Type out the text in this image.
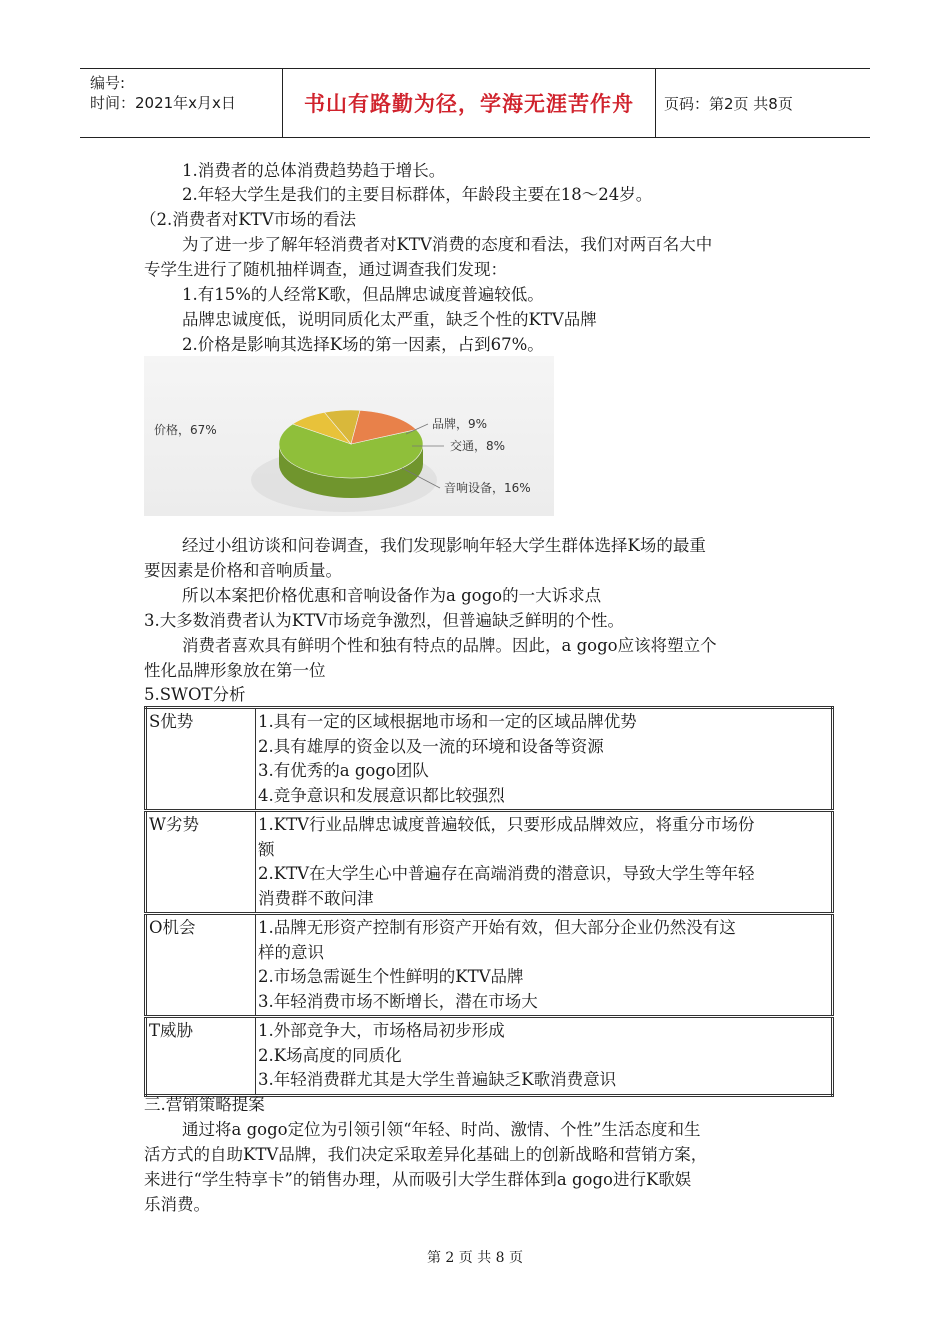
编号:
时间：2021年x月x日	书山有路勤为径，学海无涯苦作舟	页码：第2页 共8页
1.消费者的总体消费趋势趋于增长。
2.年轻大学生是我们的主要目标群体，年龄段主要在18～24岁。
（2.消费者对KTV市场的看法
为了进一步了解年轻消费者对KTV消费的态度和看法，我们对两百名大中
专学生进行了随机抽样调查，通过调查我们发现：
1.有15%的人经常K歌，但品牌忠诚度普遍较低。
品牌忠诚度低，说明同质化太严重，缺乏个性的KTV品牌
2.价格是影响其选择K场的第一因素，占到67%。
价格，67%	品牌，9%
交通，8%
音响设备，16%
经过小组访谈和问卷调查，我们发现影响年轻大学生群体选择K场的最重
要因素是价格和音响质量。
所以本案把价格优惠和音响设备作为a gogo的一大诉求点
3.大多数消费者认为KTV市场竞争激烈，但普遍缺乏鲜明的个性。
消费者喜欢具有鲜明个性和独有特点的品牌。因此，a gogo应该将塑立个
性化品牌形象放在第一位
5.SWOT分析
S优势	1.具有一定的区域根据地市场和一定的区域品牌优势
2.具有雄厚的资金以及一流的环境和设备等资源
3.有优秀的a gogo团队
4.竞争意识和发展意识都比较强烈

W劣势	1.KTV行业品牌忠诚度普遍较低，只要形成品牌效应，将重分市场份
额
2.KTV在大学生心中普遍存在高端消费的潜意识，导致大学生等年轻
消费群不敢问津

O机会	1.品牌无形资产控制有形资产开始有效，但大部分企业仍然没有这
样的意识
2.市场急需诞生个性鲜明的KTV品牌
3.年轻消费市场不断增长，潜在市场大

T威胁	1.外部竞争大，市场格局初步形成
2.K场高度的同质化
3.年轻消费群尤其是大学生普遍缺乏K歌消费意识
三.营销策略提案
通过将a gogo定位为引领引领“年轻、时尚、激情、个性”生活态度和生
活方式的自助KTV品牌，我们决定采取差异化基础上的创新战略和营销方案，
来进行“学生特享卡”的销售办理，从而吸引大学生群体到a gogo进行K歌娱
乐消费。
第 2 页 共 8 页
